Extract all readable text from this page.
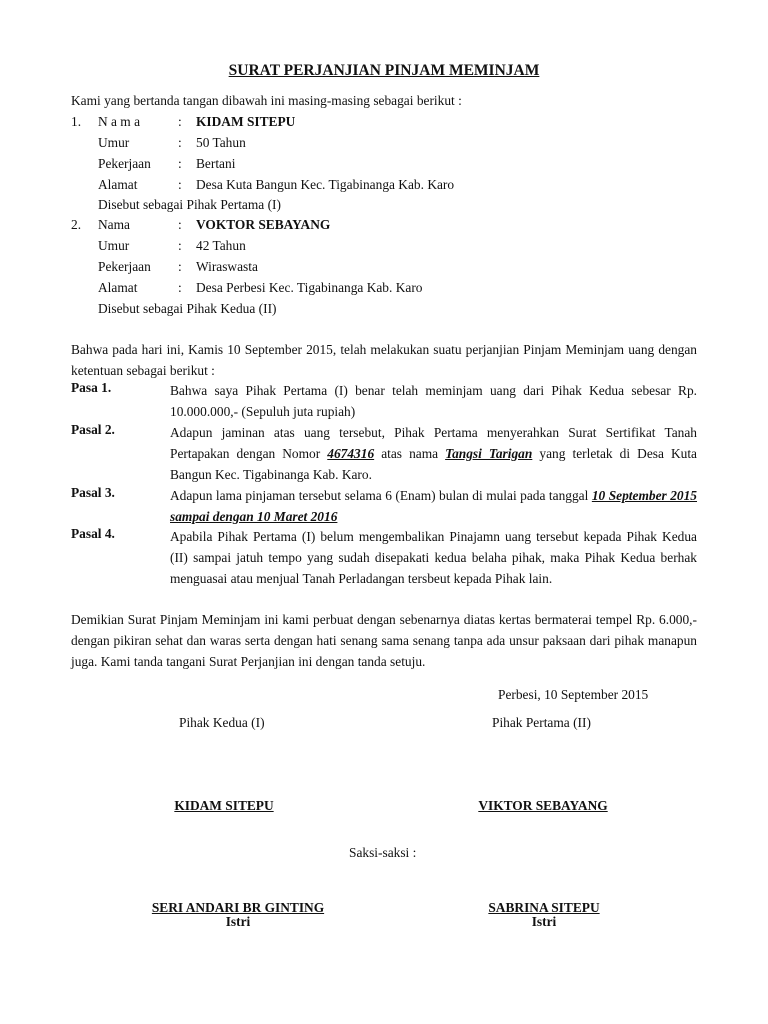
SURAT PERJANJIAN PINJAM MEMINJAM
Kami yang bertanda tangan dibawah ini masing-masing sebagai berikut :
1. N a m a	: KIDAM SITEPU
Umur	: 50 Tahun
Pekerjaan : Bertani
Alamat	: Desa Kuta Bangun Kec. Tigabinanga Kab. Karo
Disebut sebagai Pihak Pertama (I)
2. Nama	: VOKTOR SEBAYANG
Umur	: 42 Tahun
Pekerjaan : Wiraswasta
Alamat	: Desa Perbesi Kec. Tigabinanga Kab. Karo
Disebut sebagai Pihak Kedua (II)
Bahwa pada hari ini, Kamis 10 September 2015, telah melakukan suatu perjanjian Pinjam Meminjam uang dengan ketentuan sebagai berikut :
Pasa 1.	Bahwa saya Pihak Pertama (I) benar telah meminjam uang dari Pihak Kedua sebesar Rp. 10.000.000,- (Sepuluh juta rupiah)
Pasal 2.	Adapun jaminan atas uang tersebut, Pihak Pertama menyerahkan Surat Sertifikat Tanah Pertapakan dengan Nomor 4674316 atas nama Tangsi Tarigan yang terletak di Desa Kuta Bangun Kec. Tigabinanga Kab. Karo.
Pasal 3.	Adapun lama pinjaman tersebut selama 6 (Enam) bulan di mulai pada tanggal 10 September 2015 sampai dengan 10 Maret 2016
Pasal 4.	Apabila Pihak Pertama (I) belum mengembalikan Pinajamn uang tersebut kepada Pihak Kedua (II) sampai jatuh tempo yang sudah disepakati kedua belaha pihak, maka Pihak Kedua berhak menguasai atau menjual Tanah Perladangan tersbeut kepada Pihak lain.
Demikian Surat Pinjam Meminjam ini kami perbuat dengan sebenarnya diatas kertas bermaterai tempel Rp. 6.000,- dengan pikiran sehat dan waras serta dengan hati senang sama senang tanpa ada unsur paksaan dari pihak manapun juga. Kami tanda tangani Surat Perjanjian ini dengan tanda setuju.
Perbesi, 10 September 2015
Pihak Kedua (I)	Pihak Pertama (II)
KIDAM SITEPU	VIKTOR SEBAYANG
Saksi-saksi :
SERI ANDARI BR GINTING
Istri
SABRINA SITEPU
Istri
